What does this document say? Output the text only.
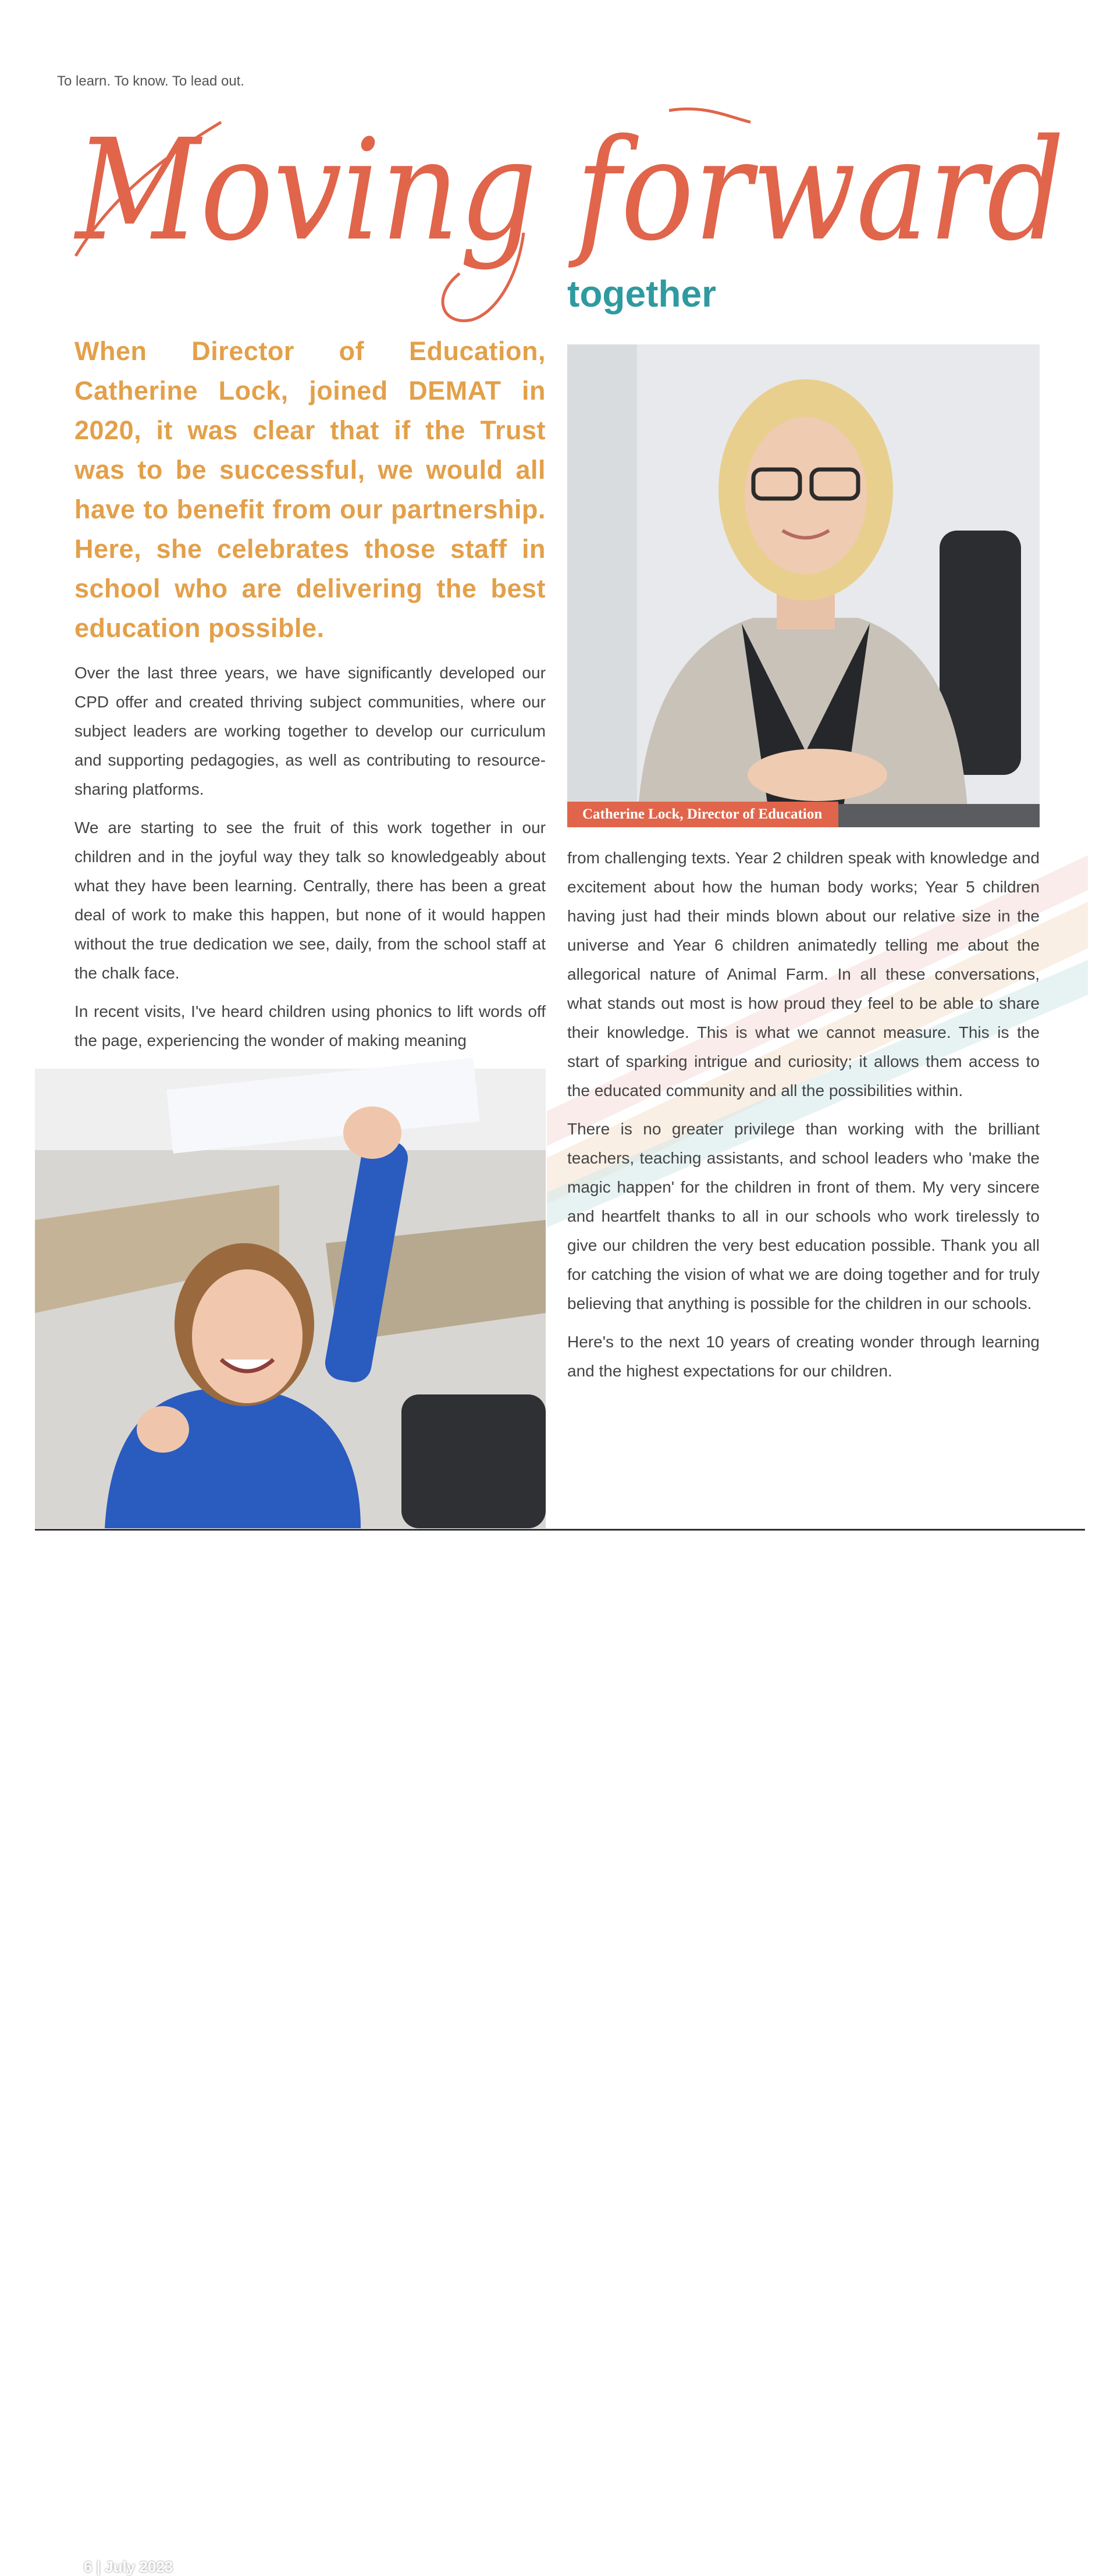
To learn. To know. To lead out.
Moving forward
together
When Director of Education, Catherine Lock, joined DEMAT in 2020, it was clear that if the Trust was to be successful, we would all have to benefit from our partnership. Here, she celebrates those staff in school who are delivering the best education possible.

Over the last three years, we have significantly developed our CPD offer and created thriving subject communities, where our subject leaders are working together to develop our curriculum and supporting pedagogies, as well as contributing to resource-sharing platforms.

We are starting to see the fruit of this work together in our children and in the joyful way they talk so knowledgeably about what they have been learning. Centrally, there has been a great deal of work to make this happen, but none of it would happen without the true dedication we see, daily, from the school staff at the chalk face.

In recent visits, I've heard children using phonics to lift words off the page, experiencing the wonder of making meaning

from challenging texts. Year 2 children speak with knowledge and excitement about how the human body works; Year 5 children having just had their minds blown about our relative size in the universe and Year 6 children animatedly telling me about the allegorical nature of Animal Farm. In all these conversations, what stands out most is how proud they feel to be able to share their knowledge. This is what we cannot measure. This is the start of sparking intrigue and curiosity; it allows them access to the educated community and all the possibilities within.

There is no greater privilege than working with the brilliant teachers, teaching assistants, and school leaders who 'make the magic happen' for the children in front of them. My very sincere and heartfelt thanks to all in our schools who work tirelessly to give our children the very best education possible. Thank you all for catching the vision of what we are doing together and for truly believing that anything is possible for the children in our schools.

Here's to the next 10 years of creating wonder through learning and the highest expectations for our children.

Catherine Lock, Director of Education
6 | July 2023
